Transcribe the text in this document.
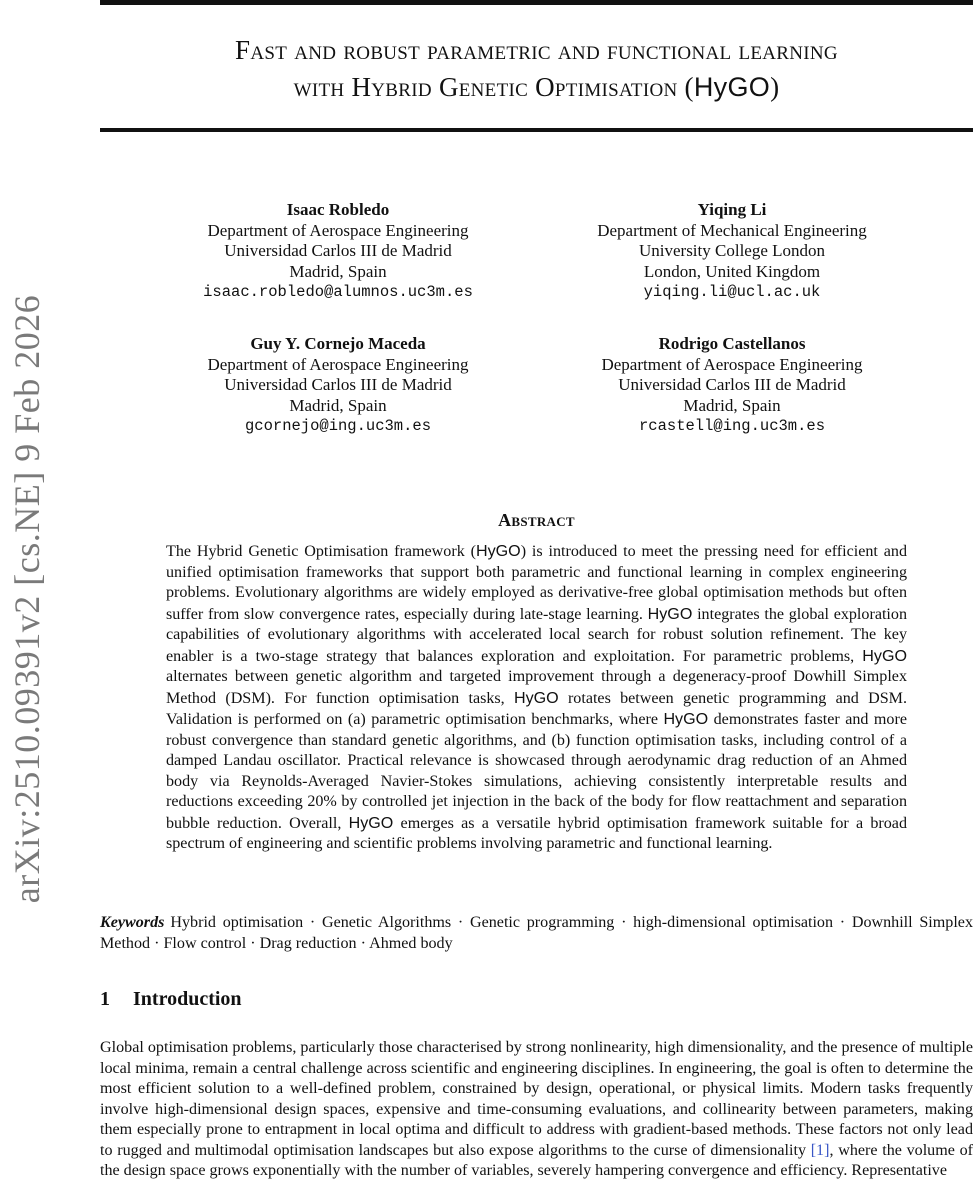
Fast and robust parametric and functional learning
with Hybrid Genetic Optimisation (HyGO)
arXiv:2510.09391v2 [cs.NE] 9 Feb 2026
Isaac Robledo
Department of Aerospace Engineering
Universidad Carlos III de Madrid
Madrid, Spain
isaac.robledo@alumnos.uc3m.es
Yiqing Li
Department of Mechanical Engineering
University College London
London, United Kingdom
yiqing.li@ucl.ac.uk
Guy Y. Cornejo Maceda
Department of Aerospace Engineering
Universidad Carlos III de Madrid
Madrid, Spain
gcornejo@ing.uc3m.es
Rodrigo Castellanos
Department of Aerospace Engineering
Universidad Carlos III de Madrid
Madrid, Spain
rcastell@ing.uc3m.es
Abstract
The Hybrid Genetic Optimisation framework (HyGO) is introduced to meet the pressing need for efficient and unified optimisation frameworks that support both parametric and functional learning in complex engineering problems. Evolutionary algorithms are widely employed as derivative-free global optimisation methods but often suffer from slow convergence rates, especially during late-stage learning. HyGO integrates the global exploration capabilities of evolutionary algorithms with accelerated local search for robust solution refinement. The key enabler is a two-stage strategy that balances exploration and exploitation. For parametric problems, HyGO alternates between genetic algorithm and targeted improvement through a degeneracy-proof Dowhill Simplex Method (DSM). For function optimisation tasks, HyGO rotates between genetic programming and DSM. Validation is performed on (a) parametric optimisation benchmarks, where HyGO demonstrates faster and more robust convergence than standard genetic algorithms, and (b) function optimisation tasks, including control of a damped Landau oscillator. Practical relevance is showcased through aerodynamic drag reduction of an Ahmed body via Reynolds-Averaged Navier-Stokes simulations, achieving consistently interpretable results and reductions exceeding 20% by controlled jet injection in the back of the body for flow reattachment and separation bubble reduction. Overall, HyGO emerges as a versatile hybrid optimisation framework suitable for a broad spectrum of engineering and scientific problems involving parametric and functional learning.
Keywords Hybrid optimisation · Genetic Algorithms · Genetic programming · high-dimensional optimisation · Downhill Simplex Method · Flow control · Drag reduction · Ahmed body
1 Introduction
Global optimisation problems, particularly those characterised by strong nonlinearity, high dimensionality, and the presence of multiple local minima, remain a central challenge across scientific and engineering disciplines. In engineering, the goal is often to determine the most efficient solution to a well-defined problem, constrained by design, operational, or physical limits. Modern tasks frequently involve high-dimensional design spaces, expensive and time-consuming evaluations, and collinearity between parameters, making them especially prone to entrapment in local optima and difficult to address with gradient-based methods. These factors not only lead to rugged and multimodal optimisation landscapes but also expose algorithms to the curse of dimensionality [1], where the volume of the design space grows exponentially with the number of variables, severely hampering convergence and efficiency. Representative
